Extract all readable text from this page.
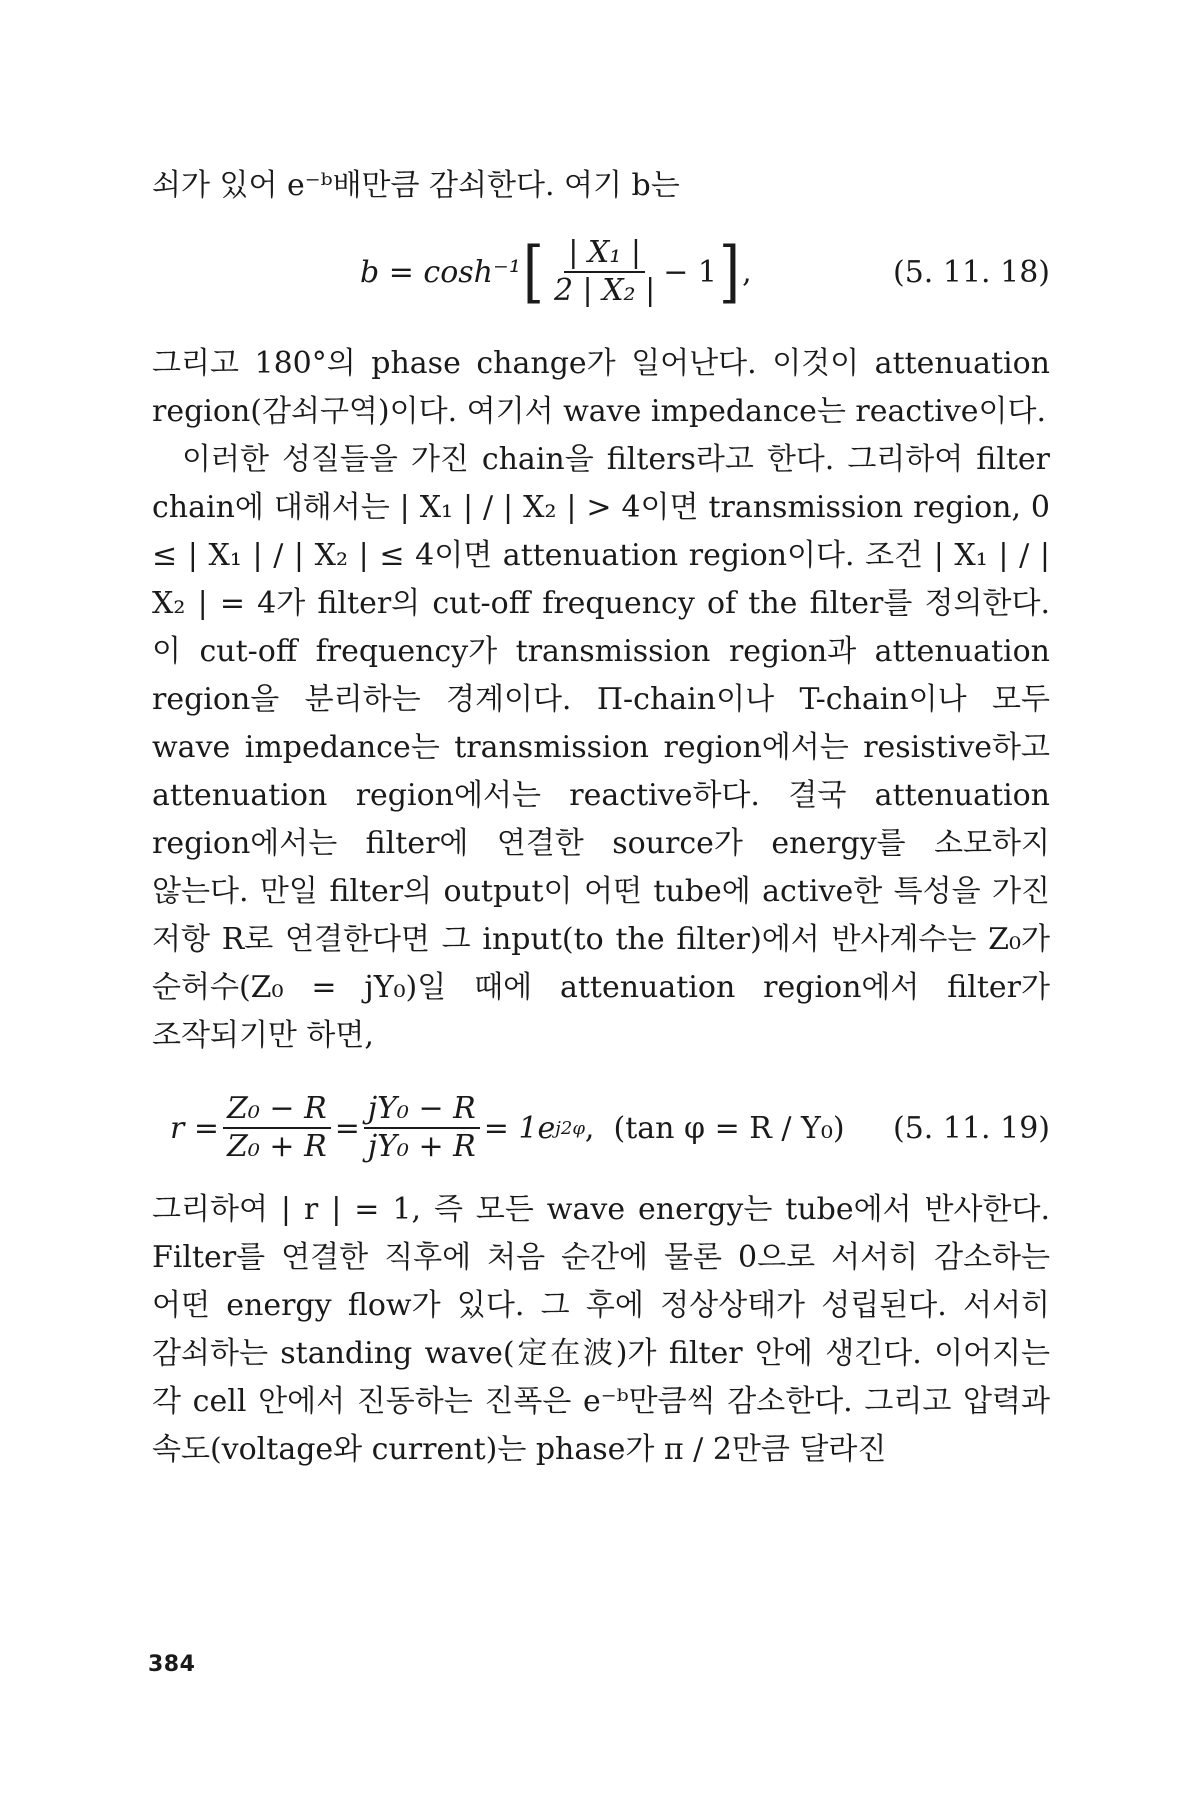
쇠가 있어 e⁻ᵇ배만큼 감쇠한다. 여기 b는

b = cosh⁻¹ [ $\frac{\text{| X₁ |}}{\text{2 | X₂ |}} - 1$ ] ,	(5. 11. 18)

그리고 180°의 phase change가 일어난다. 이것이 attenuation region(감쇠구역)이다. 여기서 wave impedance는 reactive이다.

이러한 성질들을 가진 chain을 filters라고 한다. 그리하여 filter chain에 대해서는 | X₁ | / | X₂ | > 4이면 transmission region, 0 ≤ | X₁ | / | X₂ | ≤ 4이면 attenuation region이다. 조건 | X₁ | / | X₂ | = 4가 filter의 cut-off frequency of the filter를 정의한다. 이 cut-off frequency가 transmission region과 attenuation region을 분리하는 경계이다. Π-chain이나 T-chain이나 모두 wave impedance는 transmission region에서는 resistive하고 attenuation region에서는 reactive하다. 결국 attenuation region에서는 filter에 연결한 source가 energy를 소모하지 않는다. 만일 filter의 output이 어떤 tube에 active한 특성을 가진 저항 R로 연결한다면 그 input(to the filter)에서 반사계수는 Z₀가 순허수(Z₀ = jY₀)일 때에 attenuation region에서 filter가 조작되기만 하면,

$r = \frac{\text{Z₀ − R}}{\text{Z₀ + R}} = \frac{\text{jY₀ − R}}{\text{jY₀ + R}} = 1e$ j2φ ,  (tan φ = R / Y₀) (5. 11. 19)

그리하여 | r | = 1, 즉 모든 wave energy는 tube에서 반사한다. Filter를 연결한 직후에 처음 순간에 물론 0으로 서서히 감소하는 어떤 energy flow가 있다. 그 후에 정상상태가 성립된다. 서서히 감쇠하는 standing wave(定在波)가 filter 안에 생긴다. 이어지는 각 cell 안에서 진동하는 진폭은 e⁻ᵇ만큼씩 감소한다. 그리고 압력과 속도(voltage와 current)는 phase가 π / 2만큼 달라진

384
